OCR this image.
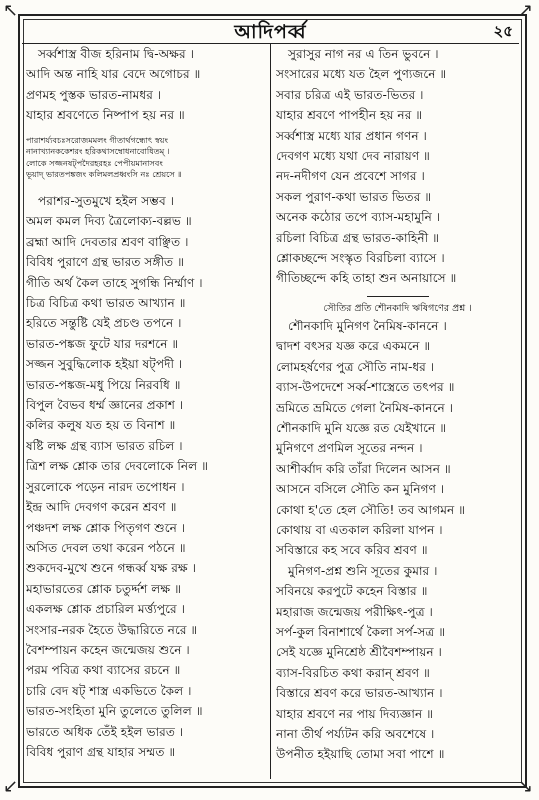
↖	↗
↙	↘
আদিপর্ব্ব	২৫
সর্ব্বশাস্ত্র বীজ হরিনাম দ্বি-অক্ষর ।
আদি অন্ত নাহি যার বেদে অগোচর ॥
প্রণমহ পুস্তক ভারত-নামধর ।
যাহার শ্রবণেতে নিষ্পাপ হয় নর ॥
পারাশর্য্যবচঃসরোজমমলং গীতার্থগন্ধোৎ স্বয়ং
নানাখ্যানককেশরং হরিকথাসম্বোধনাবোধিতম্ ।
লোকে সজ্জনষট্পদৈরহরহঃ পেপীয়মানাসবং
ভূয়াদ্ ভারতপঙ্কজং কলিমলপ্রধ্বংসি নঃ শ্রেয়সে ॥
পরাশর-সুতমুখে হইল সম্ভব ।
অমল কমল দিব্য ত্রৈলোক্য-বল্লভ ॥
ব্রহ্মা আদি দেবতার শ্রবণ বাঞ্ছিত ।
বিবিধ পুরাণে গ্রন্থ ভারত সঙ্গীত ॥
গীতি অর্থ কৈল তাহে সুগন্ধি নির্ম্মাণ ।
চিত্র বিচিত্র কথা ভারত আখ্যান ॥
হরিতে সন্তুষ্টি যেই প্রচণ্ড তপনে ।
ভারত-পঙ্কজ ফুটে যার দরশনে ॥
সজ্জন সুবুদ্ধিলোক হইয়া ষট্পদী ।
ভারত-পঙ্কজ-মধু পিয়ে নিরবধি ॥
বিপুল বৈভব ধর্ম্ম জ্ঞানের প্রকাশ ।
কলির কলুষ যত হয় ত বিনাশ ॥
ষষ্টি লক্ষ গ্রন্থ ব্যাস ভারত রচিল ।
ত্রিশ লক্ষ শ্লোক তার দেবলোকে নিল ॥
সুরলোকে পড়েন নারদ তপোধন ।
ইন্দ্র আদি দেবগণ করেন শ্রবণ ॥
পঞ্চদশ লক্ষ শ্লোক পিতৃগণ শুনে ।
অসিত দেবল তথা করেন পঠনে ॥
শুকদেব-মুখে শুনে গন্ধর্ব্ব যক্ষ রক্ষ ।
মহাভারতের শ্লোক চতুর্দ্দশ লক্ষ ॥
একলক্ষ শ্লোক প্রচারিল মর্ত্ত্যপুরে ।
সংসার-নরক হৈতে উদ্ধারিতে নরে ॥
বৈশম্পায়ন কহেন জন্মেজয় শুনে ।
পরম পবিত্র কথা ব্যাসের রচনে ॥
চারি বেদ ষট্ শাস্ত্র একভিতে কৈল ।
ভারত-সংহিতা মুনি তুলেতে তুলিল ॥
ভারতে অধিক তেঁই হইল ভারত ।
বিবিধ পুরাণ গ্রন্থ যাহার সম্মত ॥
সুরাসুর নাগ নর এ তিন ভুবনে ।
সংসারের মধ্যে যত হৈল পুণ্যজনে ॥
সবার চরিত্র এই ভারত-ভিতর ।
যাহার শ্রবণে পাপহীন হয় নর ॥
সর্ব্বশাস্ত্র মধ্যে যার প্রধান গণন ।
দেবগণ মধ্যে যথা দেব নারায়ণ ॥
নদ-নদীগণ যেন প্রবেশে সাগর ।
সকল পুরাণ-কথা ভারত ভিতর ॥
অনেক কঠোর তপে ব্যাস-মহামুনি ।
রচিলা বিচিত্র গ্রন্থ ভারত-কাহিনী ॥
শ্লোকচ্ছন্দে সংস্কৃত বিরচিলা ব্যাসে ।
গীতিচ্ছন্দে কহি তাহা শুন অনায়াসে ॥
সৌতির প্রতি শৌনকাদি ঋষিগণের প্রশ্ন ।
শৌনকাদি মুনিগণ নৈমিষ-কাননে ।
দ্বাদশ বৎসর যজ্ঞ করে একমনে ॥
লোমহর্ষণের পুত্র সৌতি নাম-ধর ।
ব্যাস-উপদেশে সর্ব্ব-শাস্ত্রেতে তৎপর ॥
ভ্রমিতে ভ্রমিতে গেলা নৈমিষ-কাননে ।
শৌনকাদি মুনি যজ্ঞে রত যেইখানে ॥
মুনিগণে প্রণমিল সূতের নন্দন ।
আশীর্ব্বাদ করি তাঁরা দিলেন আসন ॥
আসনে বসিলে সৌতি কন মুনিগণ ।
কোথা হ'তে হেল সৌতি! তব আগমন ॥
কোথায় বা এতকাল করিলা যাপন ।
সবিস্তারে কহ সবে করিব শ্রবণ ॥
মুনিগণ-প্রশ্ন শুনি সূতের কুমার ।
সবিনয়ে করপুটে কহেন বিস্তার ॥
মহারাজ জন্মেজয় পরীক্ষিৎ-পুত্র ।
সর্প-কুল বিনাশার্থে কৈলা সর্প-সত্র ॥
সেই যজ্ঞে মুনিশ্রেষ্ঠ শ্রীবৈশম্পায়ন ।
ব্যাস-বিরচিত কথা করান্ শ্রবণ ॥
বিস্তারে শ্রবণ করে ভারত-আখ্যান ।
যাহার শ্রবণে নর পায় দিব্যজ্ঞান ॥
নানা তীর্থ পর্য্যটন করি অবশেষে ।
উপনীত হইয়াছি তোমা সবা পাশে ॥
